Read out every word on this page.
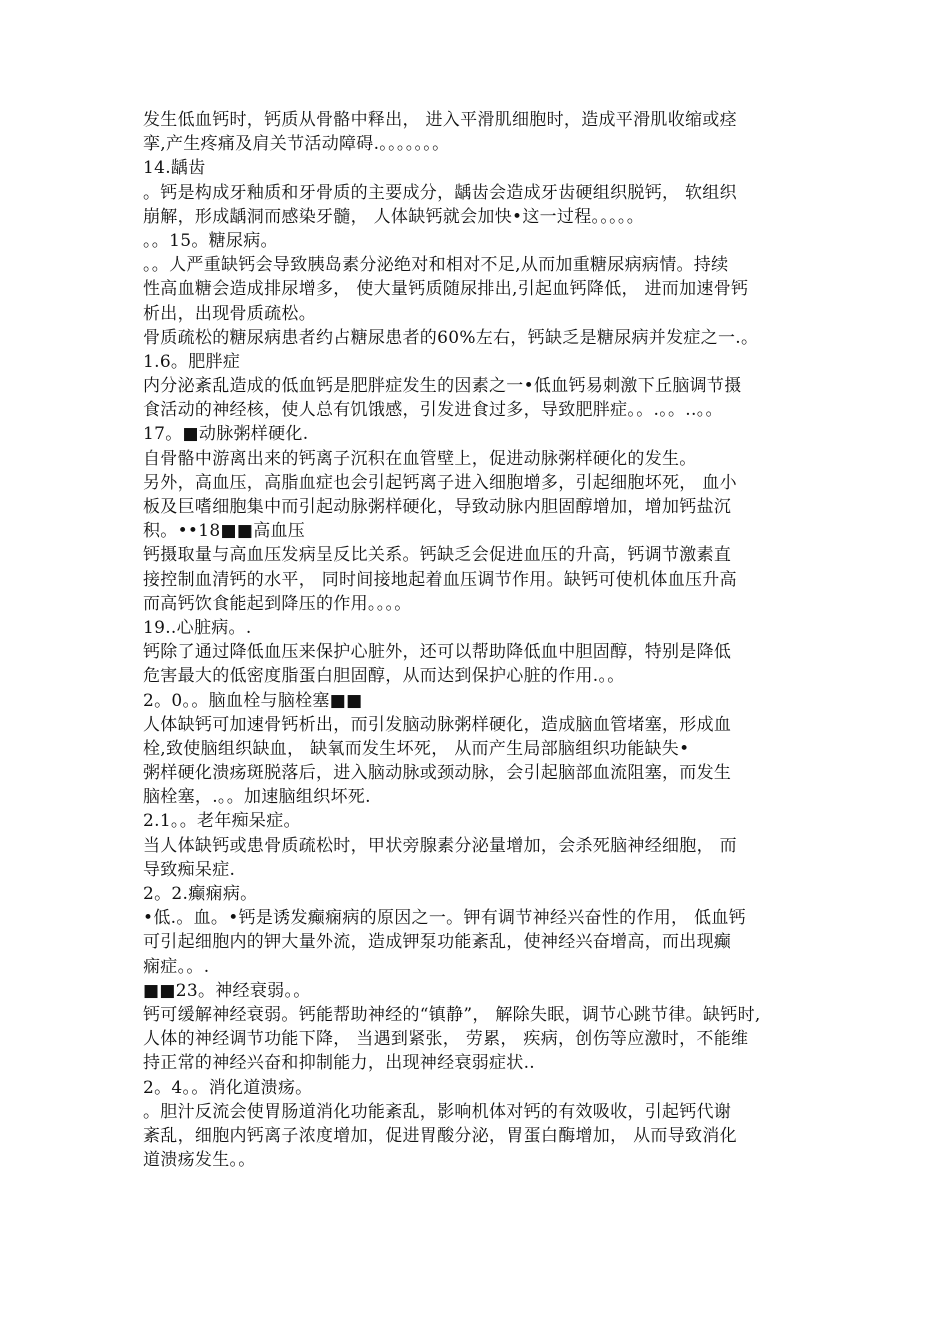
发生低血钙时，钙质从骨骼中释出， 进入平滑肌细胞时，造成平滑肌收缩或痉
挛,产生疼痛及肩关节活动障碍.。。。。。。。
14.龋齿
。钙是构成牙釉质和牙骨质的主要成分，龋齿会造成牙齿硬组织脱钙， 软组织
崩解，形成龋洞而感染牙髓， 人体缺钙就会加快•这一过程。。。。。
。。15。糖尿病。
。。人严重缺钙会导致胰岛素分泌绝对和相对不足,从而加重糖尿病病情。持续
性高血糖会造成排尿增多， 使大量钙质随尿排出,引起血钙降低， 进而加速骨钙
析出，出现骨质疏松。
骨质疏松的糖尿病患者约占糖尿患者的60%左右，钙缺乏是糖尿病并发症之一.。
1.6。肥胖症
内分泌紊乱造成的低血钙是肥胖症发生的因素之一•低血钙易刺激下丘脑调节摄
食活动的神经核，使人总有饥饿感，引发进食过多，导致肥胖症。。.。。..。。
17。■动脉粥样硬化.
自骨骼中游离出来的钙离子沉积在血管壁上，促进动脉粥样硬化的发生。
另外，高血压，高脂血症也会引起钙离子进入细胞增多，引起细胞坏死， 血小
板及巨嗜细胞集中而引起动脉粥样硬化，导致动脉内胆固醇增加，增加钙盐沉
积。••18■■高血压
钙摄取量与高血压发病呈反比关系。钙缺乏会促进血压的升高，钙调节激素直
接控制血清钙的水平， 同时间接地起着血压调节作用。缺钙可使机体血压升高
而高钙饮食能起到降压的作用。。。。
19..心脏病。.
钙除了通过降低血压来保护心脏外，还可以帮助降低血中胆固醇，特别是降低
危害最大的低密度脂蛋白胆固醇，从而达到保护心脏的作用.。。
2。0。。脑血栓与脑栓塞■■
人体缺钙可加速骨钙析出，而引发脑动脉粥样硬化，造成脑血管堵塞，形成血
栓,致使脑组织缺血， 缺氧而发生坏死， 从而产生局部脑组织功能缺失•
粥样硬化溃疡斑脱落后，进入脑动脉或颈动脉，会引起脑部血流阻塞，而发生
脑栓塞，.。。加速脑组织坏死.
2.1。。老年痴呆症。
当人体缺钙或患骨质疏松时，甲状旁腺素分泌量增加，会杀死脑神经细胞， 而
导致痴呆症.
2。2.癫痫病。
•低.。血。•钙是诱发癫痫病的原因之一。钾有调节神经兴奋性的作用， 低血钙
可引起细胞内的钾大量外流，造成钾泵功能紊乱，使神经兴奋增高，而出现癫
痫症。。.
■■23。神经衰弱。。
钙可缓解神经衰弱。钙能帮助神经的“镇静”， 解除失眠，调节心跳节律。缺钙时,
人体的神经调节功能下降， 当遇到紧张， 劳累， 疾病，创伤等应激时，不能维
持正常的神经兴奋和抑制能力，出现神经衰弱症状..
2。4。。消化道溃疡。
。胆汁反流会使胃肠道消化功能紊乱，影响机体对钙的有效吸收，引起钙代谢
紊乱，细胞内钙离子浓度增加，促进胃酸分泌，胃蛋白酶增加， 从而导致消化
道溃疡发生。。
